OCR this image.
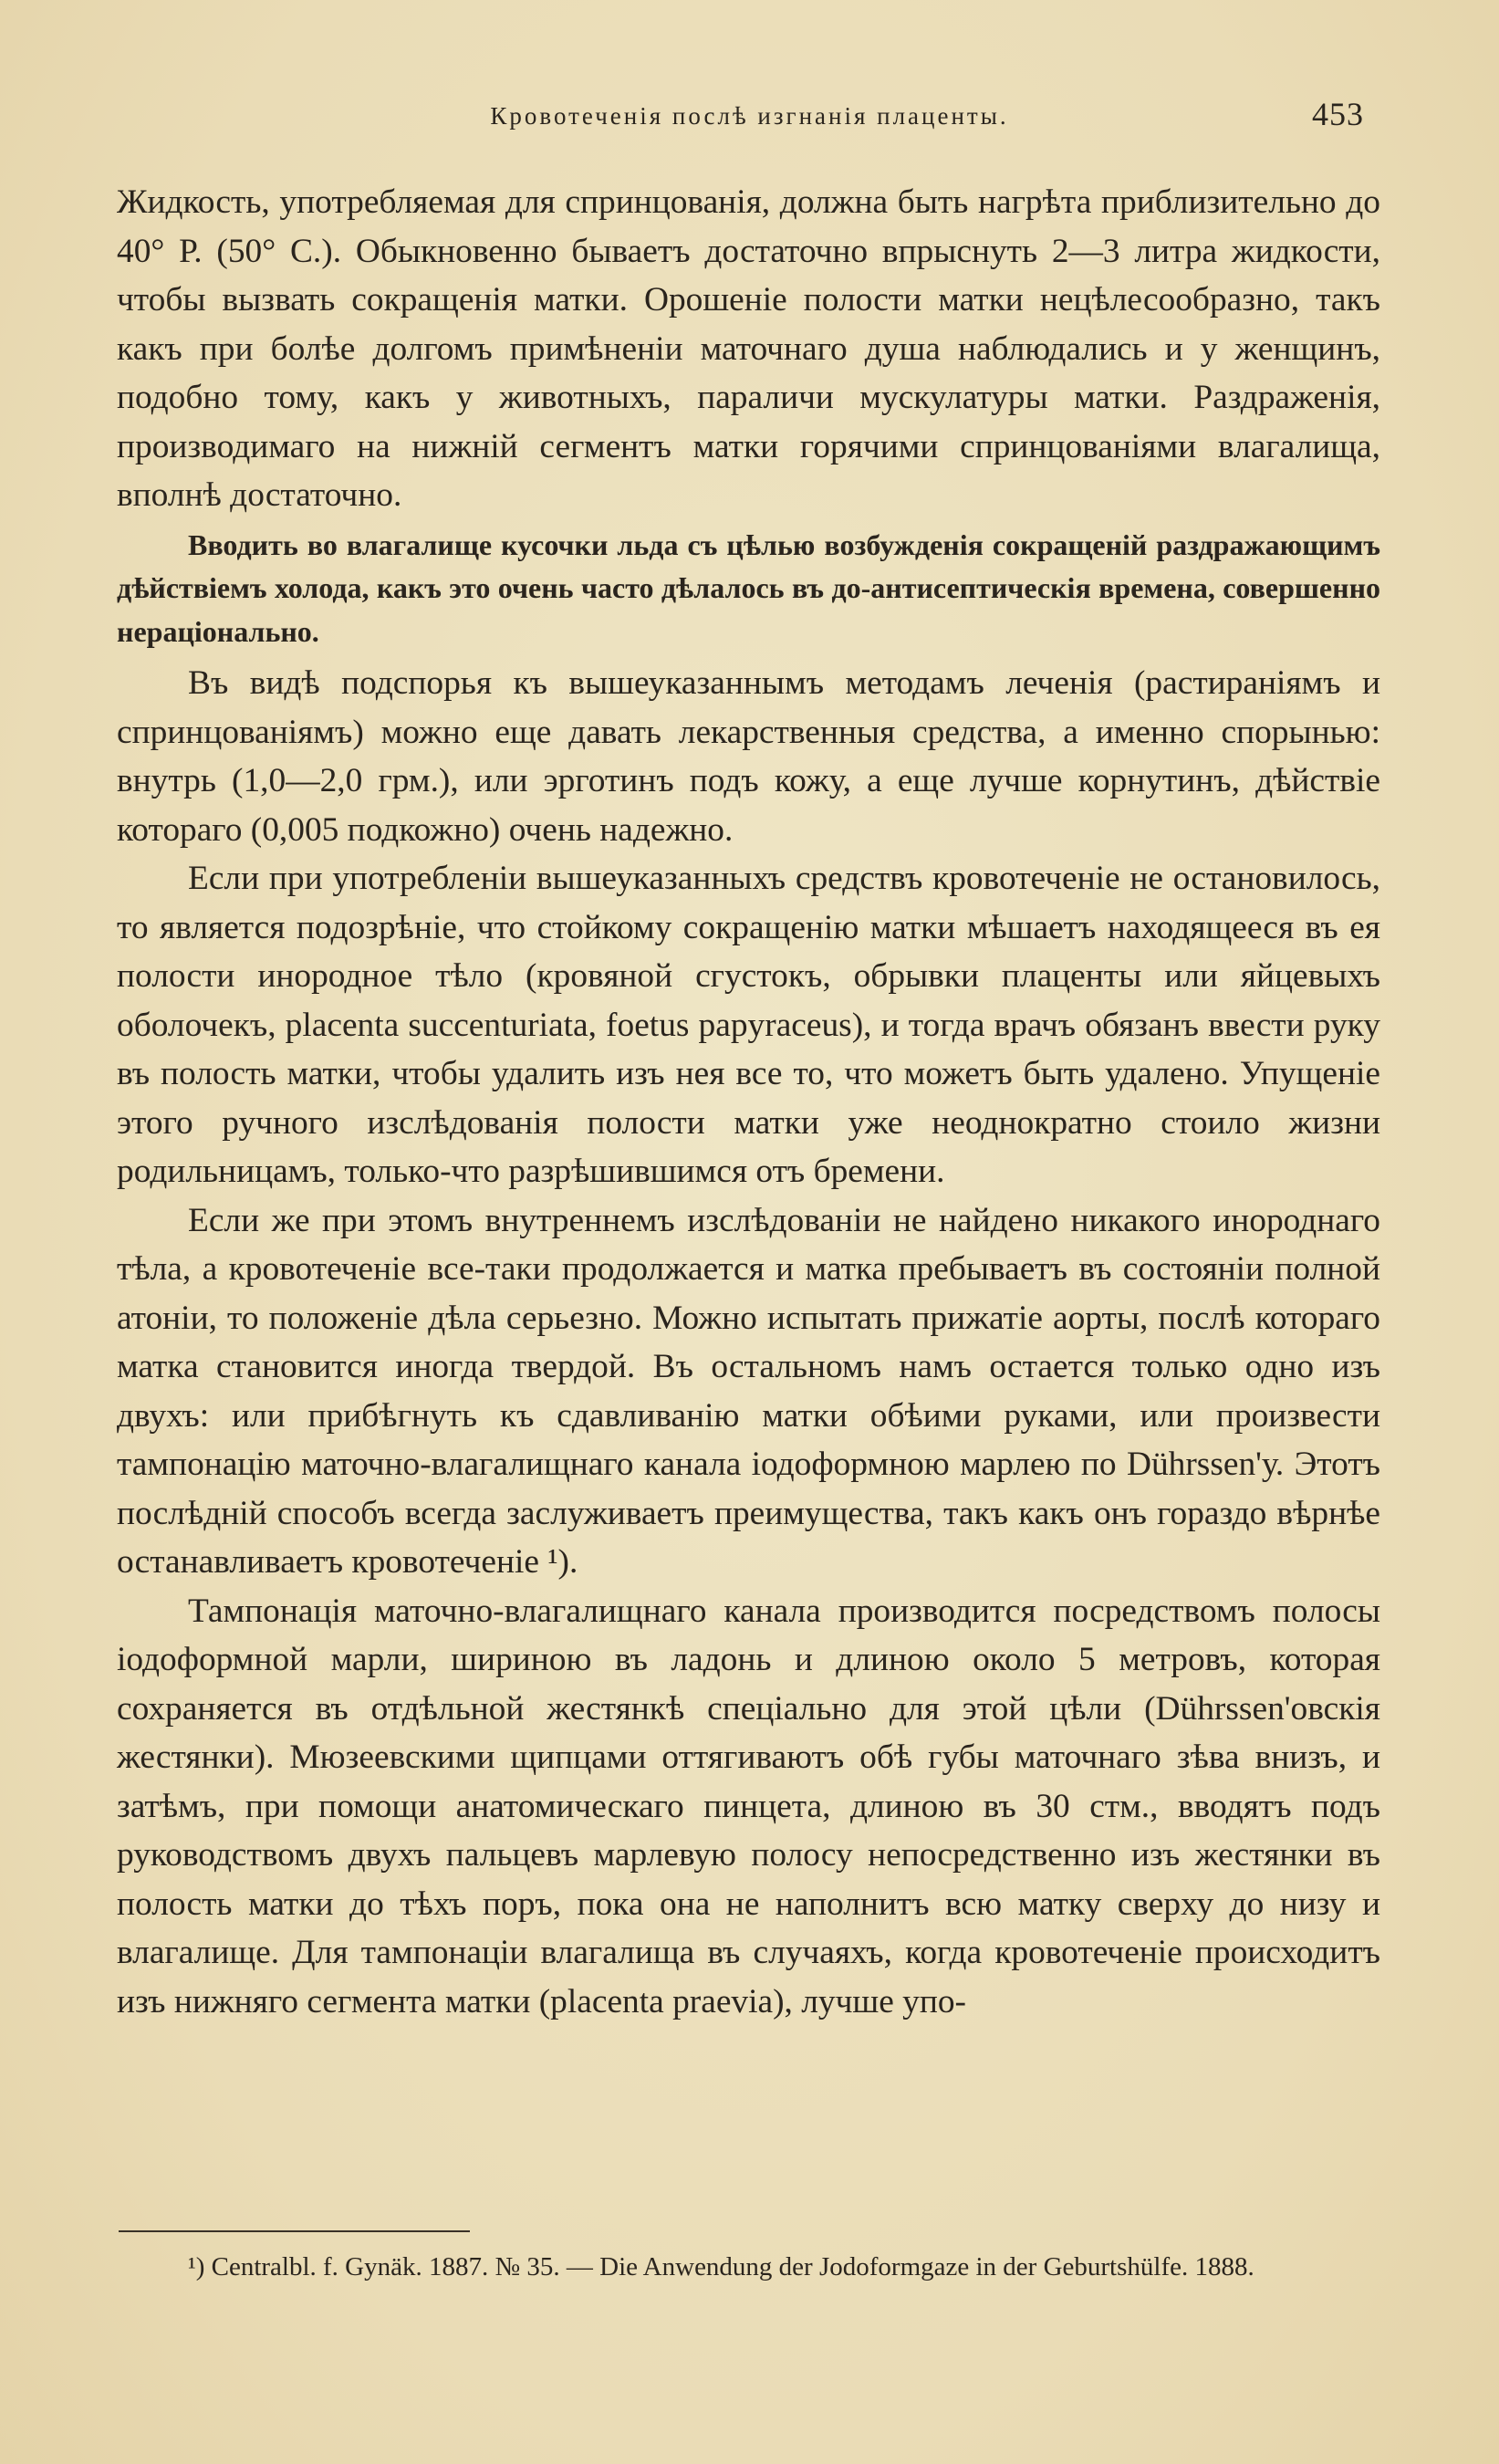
Кровотеченія послѣ изгнанія плаценты.	453

Жидкость, употребляемая для спринцованія, должна быть нагрѣта приблизительно до 40° Р. (50° С.). Обыкновенно бываетъ достаточно впрыснуть 2—3 литра жидкости, чтобы вызвать сокращенія матки. Орошеніе полости матки нецѣлесообразно, такъ какъ при болѣе долгомъ примѣненіи маточнаго душа наблюдались и у женщинъ, подобно тому, какъ у животныхъ, параличи мускулатуры матки. Раздраженія, производимаго на нижній сегментъ матки горячими спринцованіями влагалища, вполнѣ достаточно.

Вводить во влагалище кусочки льда съ цѣлью возбужденія сокращеній раздражающимъ дѣйствіемъ холода, какъ это очень часто дѣлалось въ до-антисептическія времена, совершенно нераціонально.

Въ видѣ подспорья къ вышеуказаннымъ методамъ леченія (растираніямъ и спринцованіямъ) можно еще давать лекарственныя средства, а именно спорынью: внутрь (1,0—2,0 грм.), или эрготинъ подъ кожу, а еще лучше корнутинъ, дѣйствіе котораго (0,005 подкожно) очень надежно.

Если при употребленіи вышеуказанныхъ средствъ кровотеченіе не остановилось, то является подозрѣніе, что стойкому сокращенію матки мѣшаетъ находящееся въ ея полости инородное тѣло (кровяной сгустокъ, обрывки плаценты или яйцевыхъ оболочекъ, placenta succenturiata, foetus papyraceus), и тогда врачъ обязанъ ввести руку въ полость матки, чтобы удалить изъ нея все то, что можетъ быть удалено. Упущеніе этого ручного изслѣдованія полости матки уже неоднократно стоило жизни родильницамъ, только-что разрѣшившимся отъ бремени.

Если же при этомъ внутреннемъ изслѣдованіи не найдено никакого инороднаго тѣла, а кровотеченіе все-таки продолжается и матка пребываетъ въ состояніи полной атоніи, то положеніе дѣла серьезно. Можно испытать прижатіе аорты, послѣ котораго матка становится иногда твердой. Въ остальномъ намъ остается только одно изъ двухъ: или прибѣгнуть къ сдавливанію матки обѣими руками, или произвести тампонацію маточно-влагалищнаго канала іодоформною марлею по Dührssen'у. Этотъ послѣдній способъ всегда заслуживаетъ преимущества, такъ какъ онъ гораздо вѣрнѣе останавливаетъ кровотеченіе ¹).

Тампонація маточно-влагалищнаго канала производится посредствомъ полосы іодоформной марли, шириною въ ладонь и длиною около 5 метровъ, которая сохраняется въ отдѣльной жестянкѣ спеціально для этой цѣли (Dührssen'овскія жестянки). Мюзеевскими щипцами оттягиваютъ обѣ губы маточнаго зѣва внизъ, и затѣмъ, при помощи анатомическаго пинцета, длиною въ 30 стм., вводятъ подъ руководствомъ двухъ пальцевъ марлевую полосу непосредственно изъ жестянки въ полость матки до тѣхъ поръ, пока она не наполнитъ всю матку сверху до низу и влагалище. Для тампонаціи влагалища въ случаяхъ, когда кровотеченіе происходитъ изъ нижняго сегмента матки (placenta praevia), лучше упо-

¹) Centralbl. f. Gynäk. 1887. № 35. — Die Anwendung der Jodoformgaze in der Geburtshülfe. 1888.
